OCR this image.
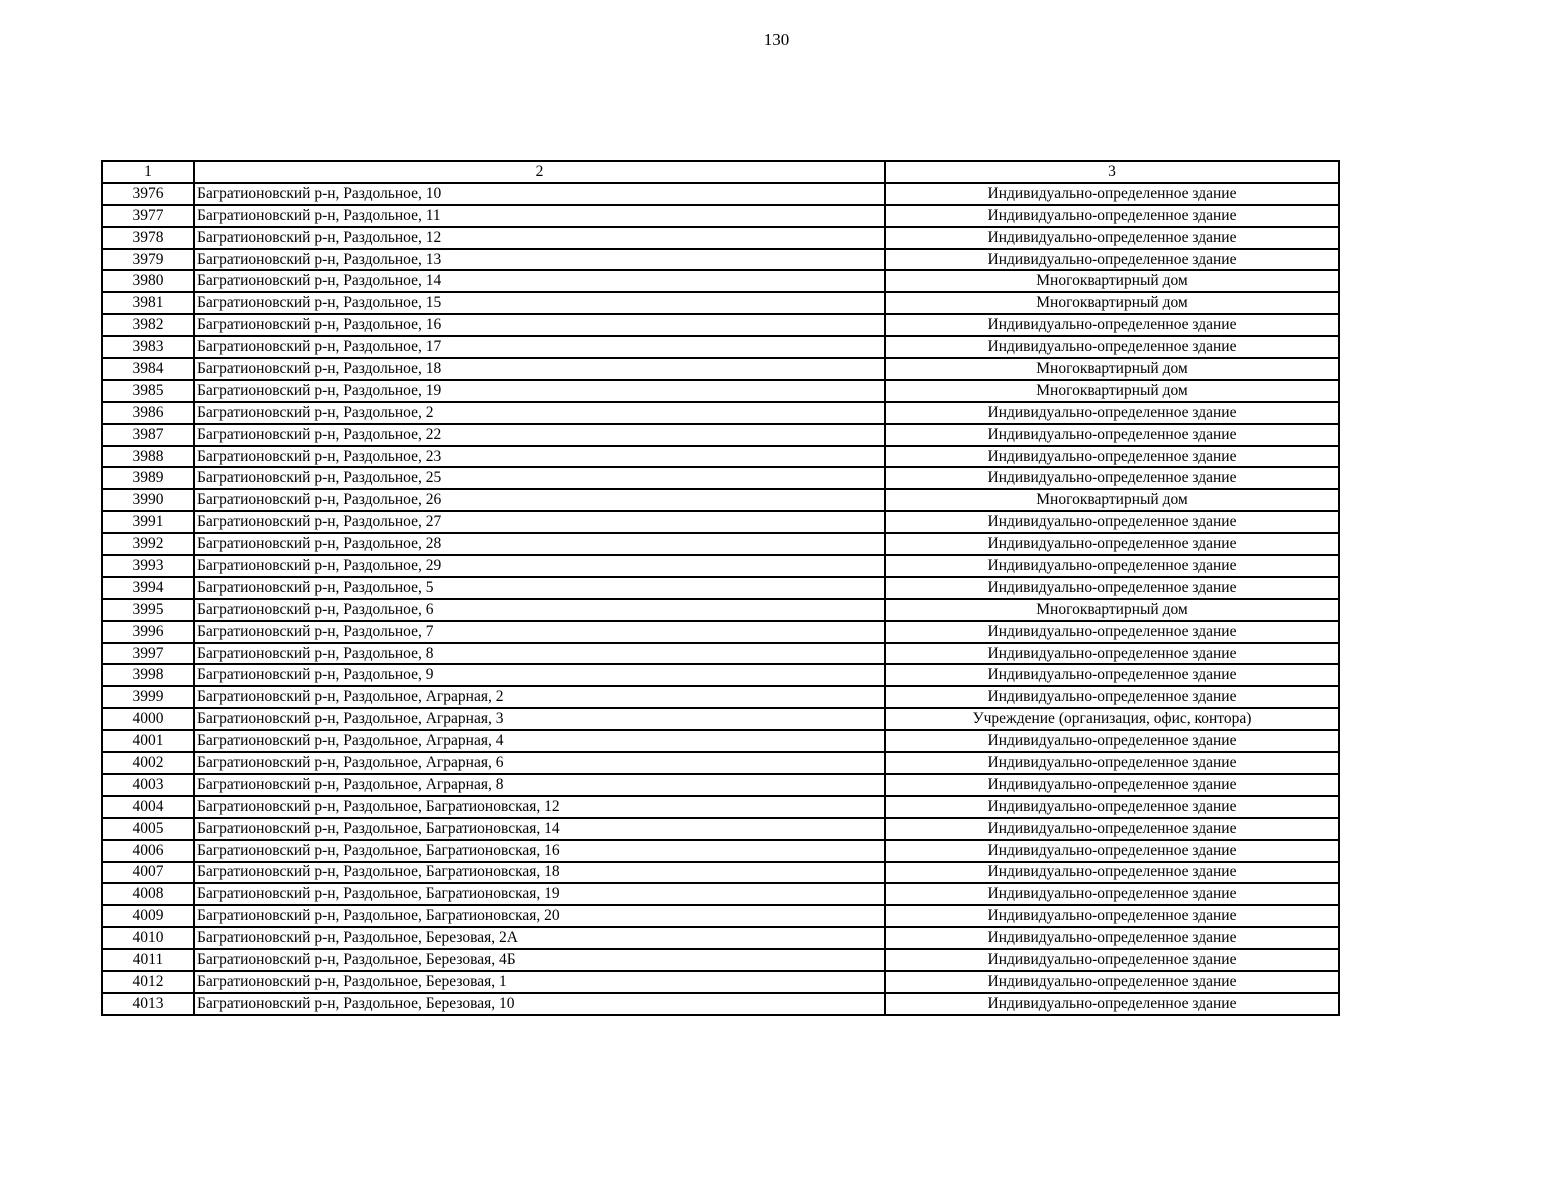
130
1	2	3
3976	Багратионовский р-н, Раздольное, 10	Индивидуально-определенное здание
3977	Багратионовский р-н, Раздольное, 11	Индивидуально-определенное здание
3978	Багратионовский р-н, Раздольное, 12	Индивидуально-определенное здание
3979	Багратионовский р-н, Раздольное, 13	Индивидуально-определенное здание
3980	Багратионовский р-н, Раздольное, 14	Многоквартирный дом
3981	Багратионовский р-н, Раздольное, 15	Многоквартирный дом
3982	Багратионовский р-н, Раздольное, 16	Индивидуально-определенное здание
3983	Багратионовский р-н, Раздольное, 17	Индивидуально-определенное здание
3984	Багратионовский р-н, Раздольное, 18	Многоквартирный дом
3985	Багратионовский р-н, Раздольное, 19	Многоквартирный дом
3986	Багратионовский р-н, Раздольное, 2	Индивидуально-определенное здание
3987	Багратионовский р-н, Раздольное, 22	Индивидуально-определенное здание
3988	Багратионовский р-н, Раздольное, 23	Индивидуально-определенное здание
3989	Багратионовский р-н, Раздольное, 25	Индивидуально-определенное здание
3990	Багратионовский р-н, Раздольное, 26	Многоквартирный дом
3991	Багратионовский р-н, Раздольное, 27	Индивидуально-определенное здание
3992	Багратионовский р-н, Раздольное, 28	Индивидуально-определенное здание
3993	Багратионовский р-н, Раздольное, 29	Индивидуально-определенное здание
3994	Багратионовский р-н, Раздольное, 5	Индивидуально-определенное здание
3995	Багратионовский р-н, Раздольное, 6	Многоквартирный дом
3996	Багратионовский р-н, Раздольное, 7	Индивидуально-определенное здание
3997	Багратионовский р-н, Раздольное, 8	Индивидуально-определенное здание
3998	Багратионовский р-н, Раздольное, 9	Индивидуально-определенное здание
3999	Багратионовский р-н, Раздольное, Аграрная, 2	Индивидуально-определенное здание
4000	Багратионовский р-н, Раздольное, Аграрная, 3	Учреждение (организация, офис, контора)
4001	Багратионовский р-н, Раздольное, Аграрная, 4	Индивидуально-определенное здание
4002	Багратионовский р-н, Раздольное, Аграрная, 6	Индивидуально-определенное здание
4003	Багратионовский р-н, Раздольное, Аграрная, 8	Индивидуально-определенное здание
4004	Багратионовский р-н, Раздольное, Багратионовская, 12	Индивидуально-определенное здание
4005	Багратионовский р-н, Раздольное, Багратионовская, 14	Индивидуально-определенное здание
4006	Багратионовский р-н, Раздольное, Багратионовская, 16	Индивидуально-определенное здание
4007	Багратионовский р-н, Раздольное, Багратионовская, 18	Индивидуально-определенное здание
4008	Багратионовский р-н, Раздольное, Багратионовская, 19	Индивидуально-определенное здание
4009	Багратионовский р-н, Раздольное, Багратионовская, 20	Индивидуально-определенное здание
4010	Багратионовский р-н, Раздольное, Березовая, 2А	Индивидуально-определенное здание
4011	Багратионовский р-н, Раздольное, Березовая, 4Б	Индивидуально-определенное здание
4012	Багратионовский р-н, Раздольное, Березовая, 1	Индивидуально-определенное здание
4013	Багратионовский р-н, Раздольное, Березовая, 10	Индивидуально-определенное здание
